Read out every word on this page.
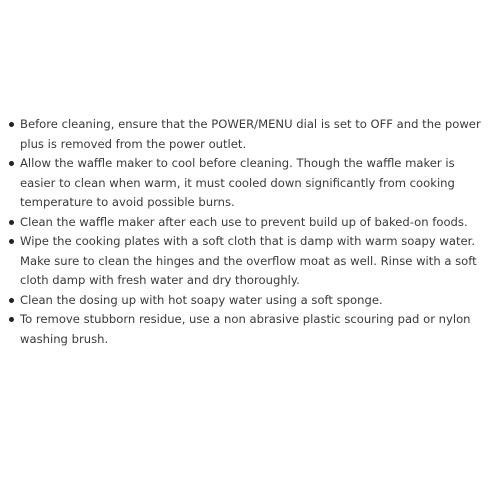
Before cleaning, ensure that the POWER/MENU dial is set to OFF and the power plus is removed from the power outlet.
Allow the waffle maker to cool before cleaning. Though the waffle maker is easier to clean when warm, it must cooled down significantly from cooking temperature to avoid possible burns.
Clean the waffle maker after each use to prevent build up of baked-on foods.
Wipe the cooking plates with a soft cloth that is damp with warm soapy water. Make sure to clean the hinges and the overflow moat as well. Rinse with a soft cloth damp with fresh water and dry thoroughly.
Clean the dosing up with hot soapy water using a soft sponge.
To remove stubborn residue, use a non abrasive plastic scouring pad or nylon washing brush.
